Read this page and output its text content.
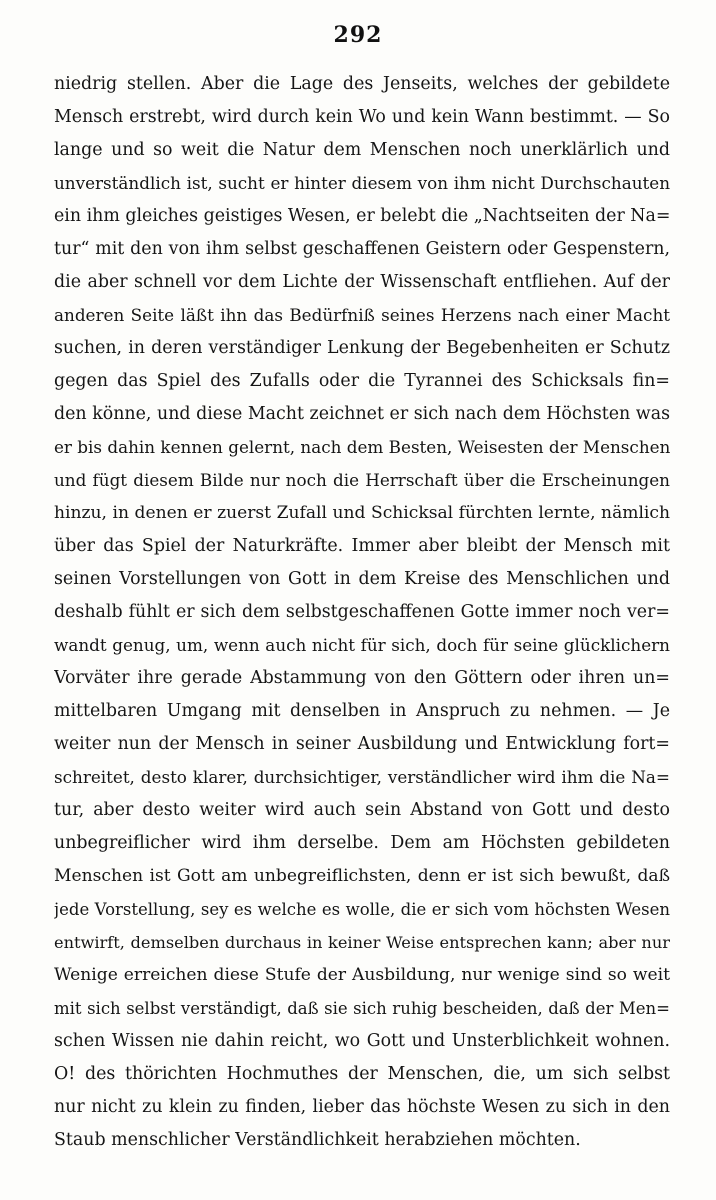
292
niedrig stellen. Aber die Lage des Jenseits, welches der gebildete
Mensch erstrebt, wird durch kein Wo und kein Wann bestimmt. — So
lange und so weit die Natur dem Menschen noch unerklärlich und
unverständlich ist, sucht er hinter diesem von ihm nicht Durchschauten
ein ihm gleiches geistiges Wesen, er belebt die „Nachtseiten der Na=
tur“ mit den von ihm selbst geschaffenen Geistern oder Gespenstern,
die aber schnell vor dem Lichte der Wissenschaft entfliehen. Auf der
anderen Seite läßt ihn das Bedürfniß seines Herzens nach einer Macht
suchen, in deren verständiger Lenkung der Begebenheiten er Schutz
gegen das Spiel des Zufalls oder die Tyrannei des Schicksals fin=
den könne, und diese Macht zeichnet er sich nach dem Höchsten was
er bis dahin kennen gelernt, nach dem Besten, Weisesten der Menschen
und fügt diesem Bilde nur noch die Herrschaft über die Erscheinungen
hinzu, in denen er zuerst Zufall und Schicksal fürchten lernte, nämlich
über das Spiel der Naturkräfte. Immer aber bleibt der Mensch mit
seinen Vorstellungen von Gott in dem Kreise des Menschlichen und
deshalb fühlt er sich dem selbstgeschaffenen Gotte immer noch ver=
wandt genug, um, wenn auch nicht für sich, doch für seine glücklichern
Vorväter ihre gerade Abstammung von den Göttern oder ihren un=
mittelbaren Umgang mit denselben in Anspruch zu nehmen. — Je
weiter nun der Mensch in seiner Ausbildung und Entwicklung fort=
schreitet, desto klarer, durchsichtiger, verständlicher wird ihm die Na=
tur, aber desto weiter wird auch sein Abstand von Gott und desto
unbegreiflicher wird ihm derselbe. Dem am Höchsten gebildeten
Menschen ist Gott am unbegreiflichsten, denn er ist sich bewußt, daß
jede Vorstellung, sey es welche es wolle, die er sich vom höchsten Wesen
entwirft, demselben durchaus in keiner Weise entsprechen kann; aber nur
Wenige erreichen diese Stufe der Ausbildung, nur wenige sind so weit
mit sich selbst verständigt, daß sie sich ruhig bescheiden, daß der Men=
schen Wissen nie dahin reicht, wo Gott und Unsterblichkeit wohnen.
O! des thörichten Hochmuthes der Menschen, die, um sich selbst
nur nicht zu klein zu finden, lieber das höchste Wesen zu sich in den
Staub menschlicher Verständlichkeit herabziehen möchten.
